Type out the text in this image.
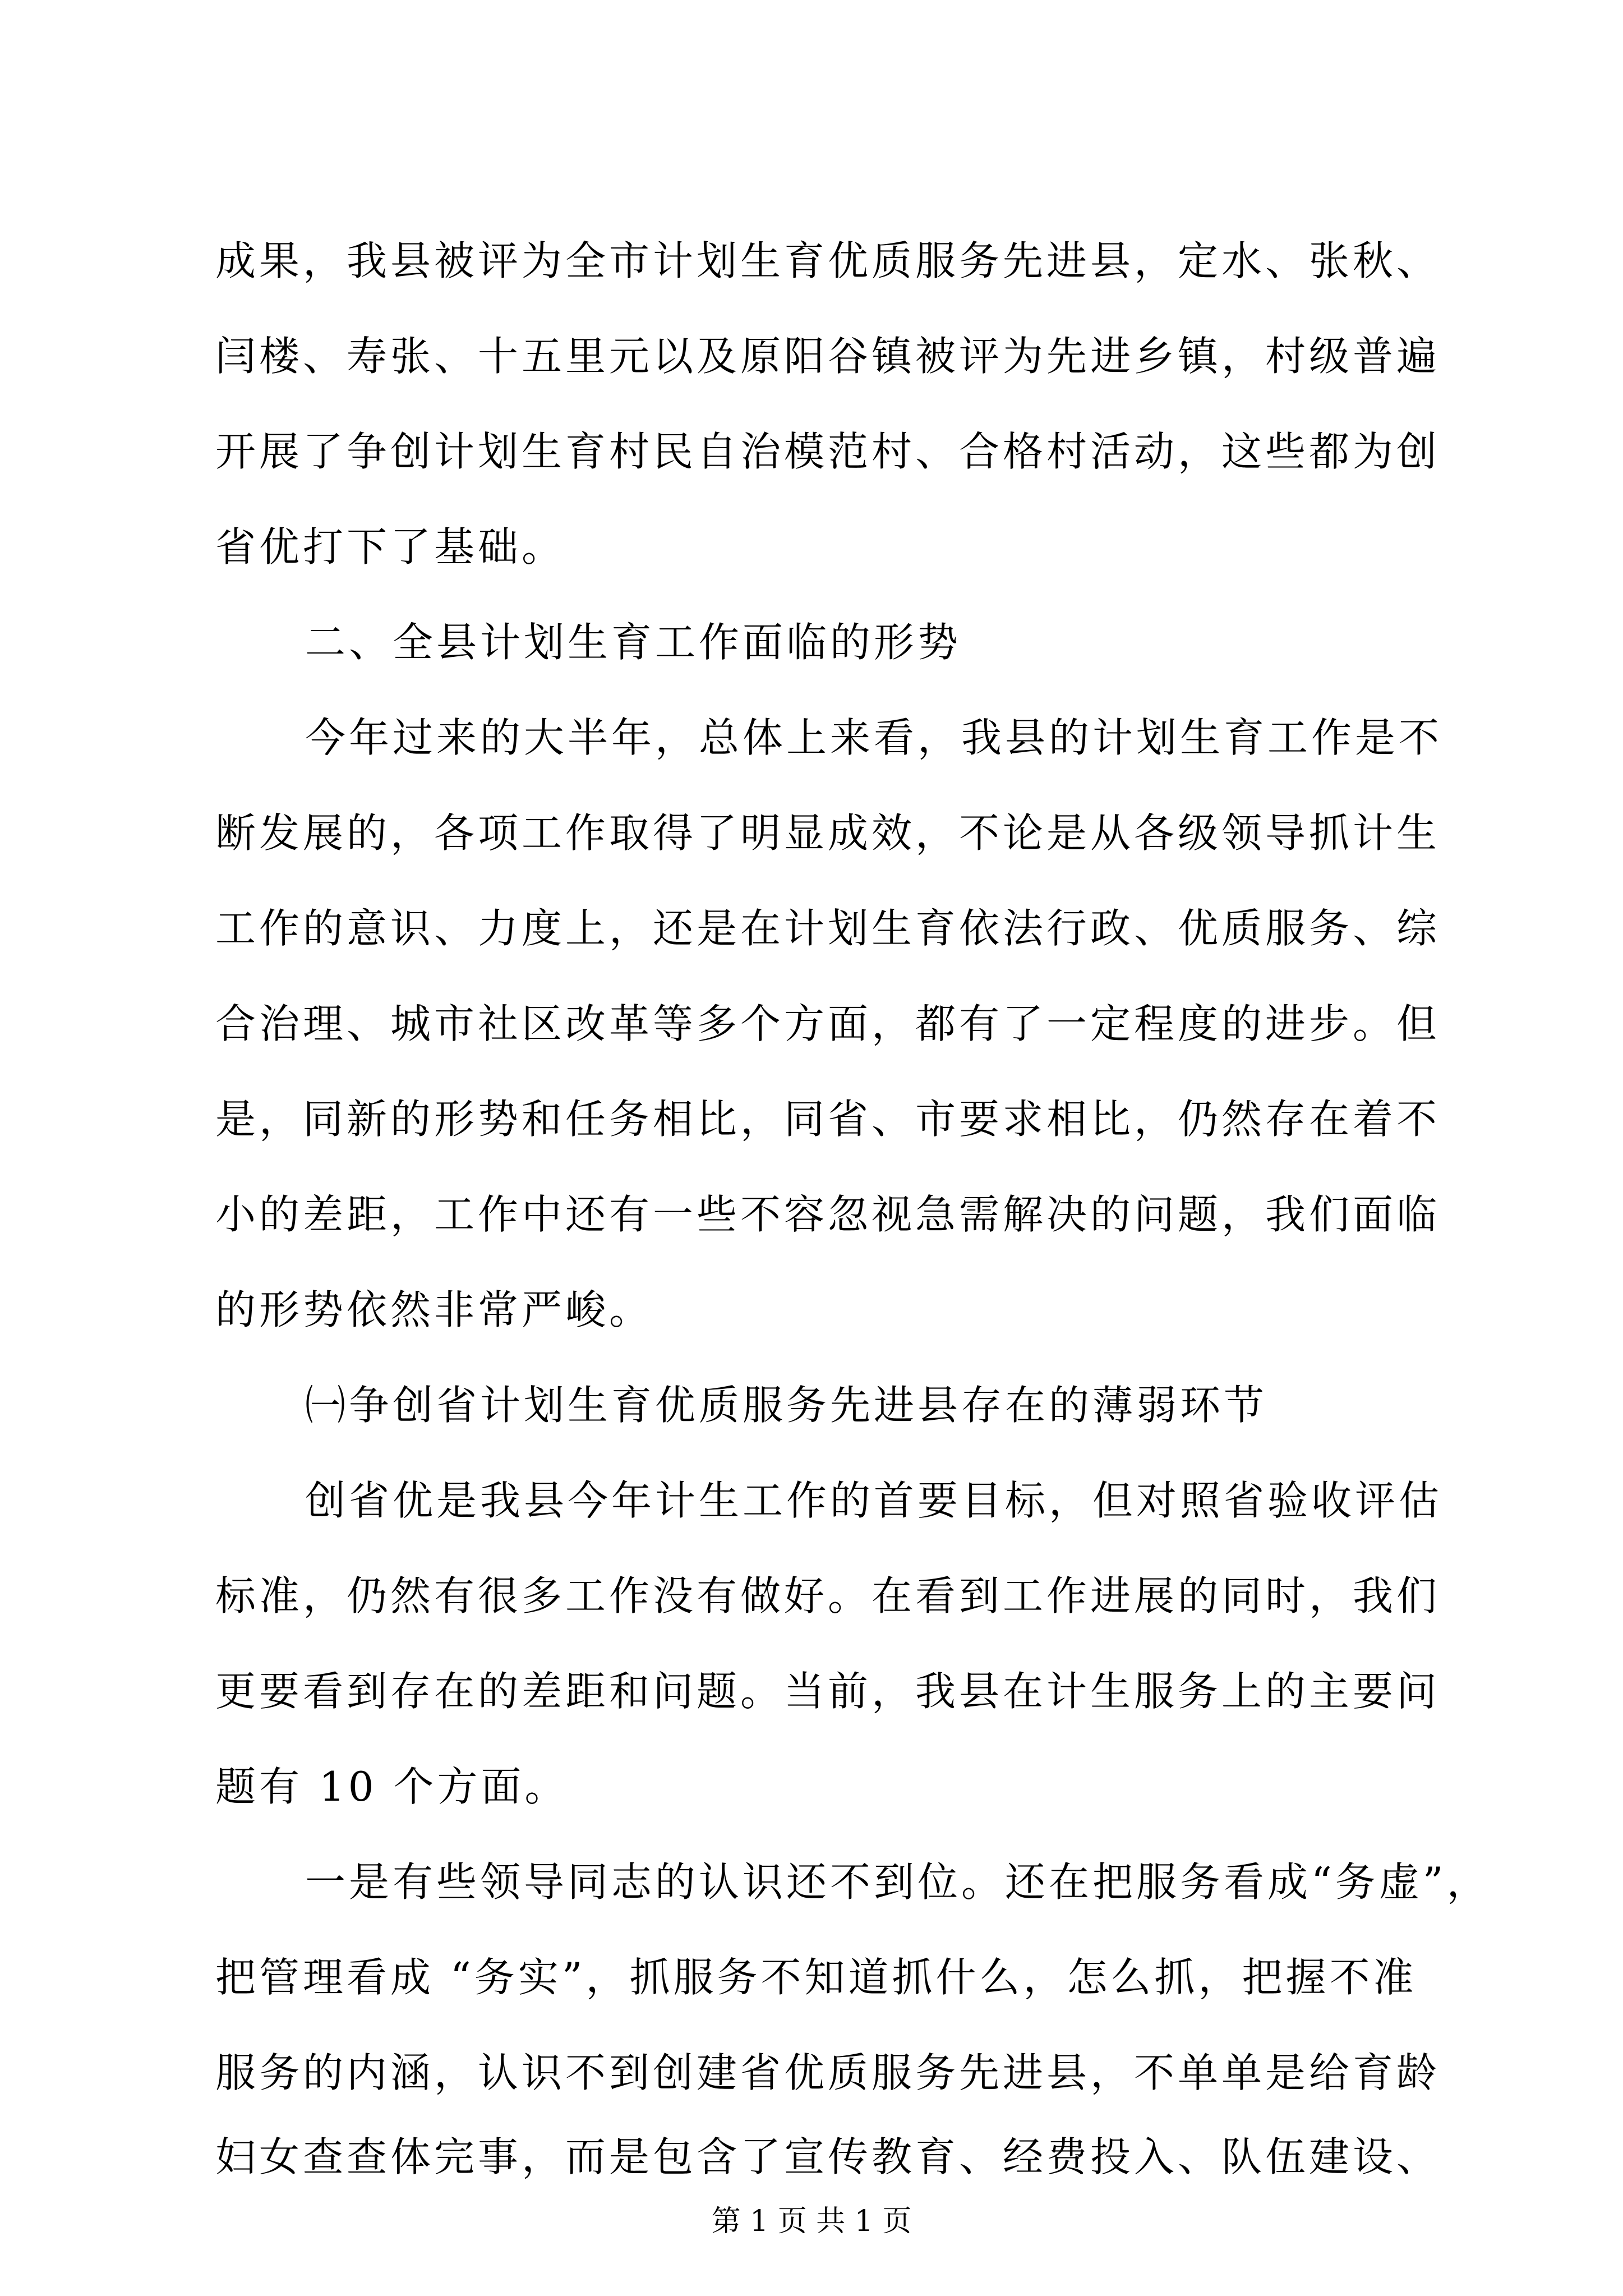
成果，我县被评为全市计划生育优质服务先进县，定水、张秋、
闫楼、寿张、十五里元以及原阳谷镇被评为先进乡镇，村级普遍
开展了争创计划生育村民自治模范村、合格村活动，这些都为创
省优打下了基础。
二、全县计划生育工作面临的形势
今年过来的大半年，总体上来看，我县的计划生育工作是不
断发展的，各项工作取得了明显成效，不论是从各级领导抓计生
工作的意识、力度上，还是在计划生育依法行政、优质服务、综
合治理、城市社区改革等多个方面，都有了一定程度的进步。但
是，同新的形势和任务相比，同省、市要求相比，仍然存在着不
小的差距，工作中还有一些不容忽视急需解决的问题，我们面临
的形势依然非常严峻。
㈠争创省计划生育优质服务先进县存在的薄弱环节
创省优是我县今年计生工作的首要目标，但对照省验收评估
标准，仍然有很多工作没有做好。在看到工作进展的同时，我们
更要看到存在的差距和问题。当前，我县在计生服务上的主要问
题有 10 个方面。
一是有些领导同志的认识还不到位。还在把服务看成“务虚”，
把管理看成 “务实”，抓服务不知道抓什么，怎么抓，把握不准
服务的内涵，认识不到创建省优质服务先进县，不单单是给育龄
妇女查查体完事，而是包含了宣传教育、经费投入、队伍建设、
第 1 页 共 1 页
